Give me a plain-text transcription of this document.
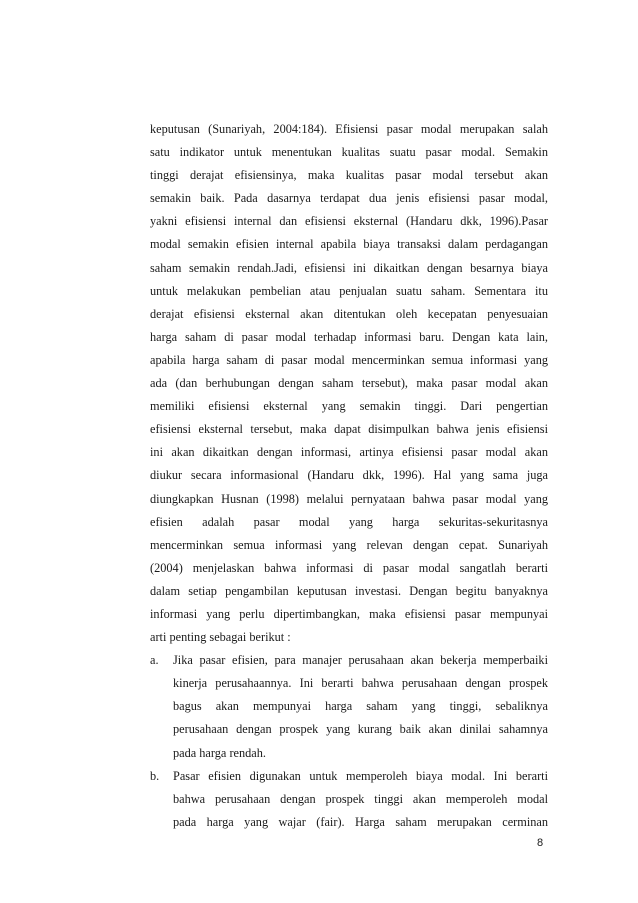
keputusan (Sunariyah, 2004:184). Efisiensi pasar modal merupakan salah
satu indikator untuk menentukan kualitas suatu pasar modal. Semakin
tinggi derajat efisiensinya, maka kualitas pasar modal tersebut akan
semakin baik. Pada dasarnya terdapat dua jenis efisiensi pasar modal,
yakni efisiensi internal dan efisiensi eksternal (Handaru dkk, 1996).Pasar
modal semakin efisien internal apabila biaya transaksi dalam perdagangan
saham semakin rendah.Jadi, efisiensi ini dikaitkan dengan besarnya biaya
untuk melakukan pembelian atau penjualan suatu saham. Sementara itu
derajat efisiensi eksternal akan ditentukan oleh kecepatan penyesuaian
harga saham di pasar modal terhadap informasi baru. Dengan kata lain,
apabila harga saham di pasar modal mencerminkan semua informasi yang
ada (dan berhubungan dengan saham tersebut), maka pasar modal akan
memiliki efisiensi eksternal yang semakin tinggi. Dari pengertian
efisiensi eksternal tersebut, maka dapat disimpulkan bahwa jenis efisiensi
ini akan dikaitkan dengan informasi, artinya efisiensi pasar modal akan
diukur secara informasional (Handaru dkk, 1996). Hal yang sama juga
diungkapkan Husnan (1998) melalui pernyataan bahwa pasar modal yang
efisien adalah pasar modal yang harga sekuritas-sekuritasnya
mencerminkan semua informasi yang relevan dengan cepat. Sunariyah
(2004) menjelaskan bahwa informasi di pasar modal sangatlah berarti
dalam setiap pengambilan keputusan investasi. Dengan begitu banyaknya
informasi yang perlu dipertimbangkan, maka efisiensi pasar mempunyai
arti penting sebagai berikut :
a.	Jika pasar efisien, para manajer perusahaan akan bekerja memperbaiki
kinerja perusahaannya. Ini berarti bahwa perusahaan dengan prospek
bagus akan mempunyai harga saham yang tinggi, sebaliknya
perusahaan dengan prospek yang kurang baik akan dinilai sahamnya
pada harga rendah.
b.	Pasar efisien digunakan untuk memperoleh biaya modal. Ini berarti
bahwa perusahaan dengan prospek tinggi akan memperoleh modal
pada harga yang wajar (fair). Harga saham merupakan cerminan
8
